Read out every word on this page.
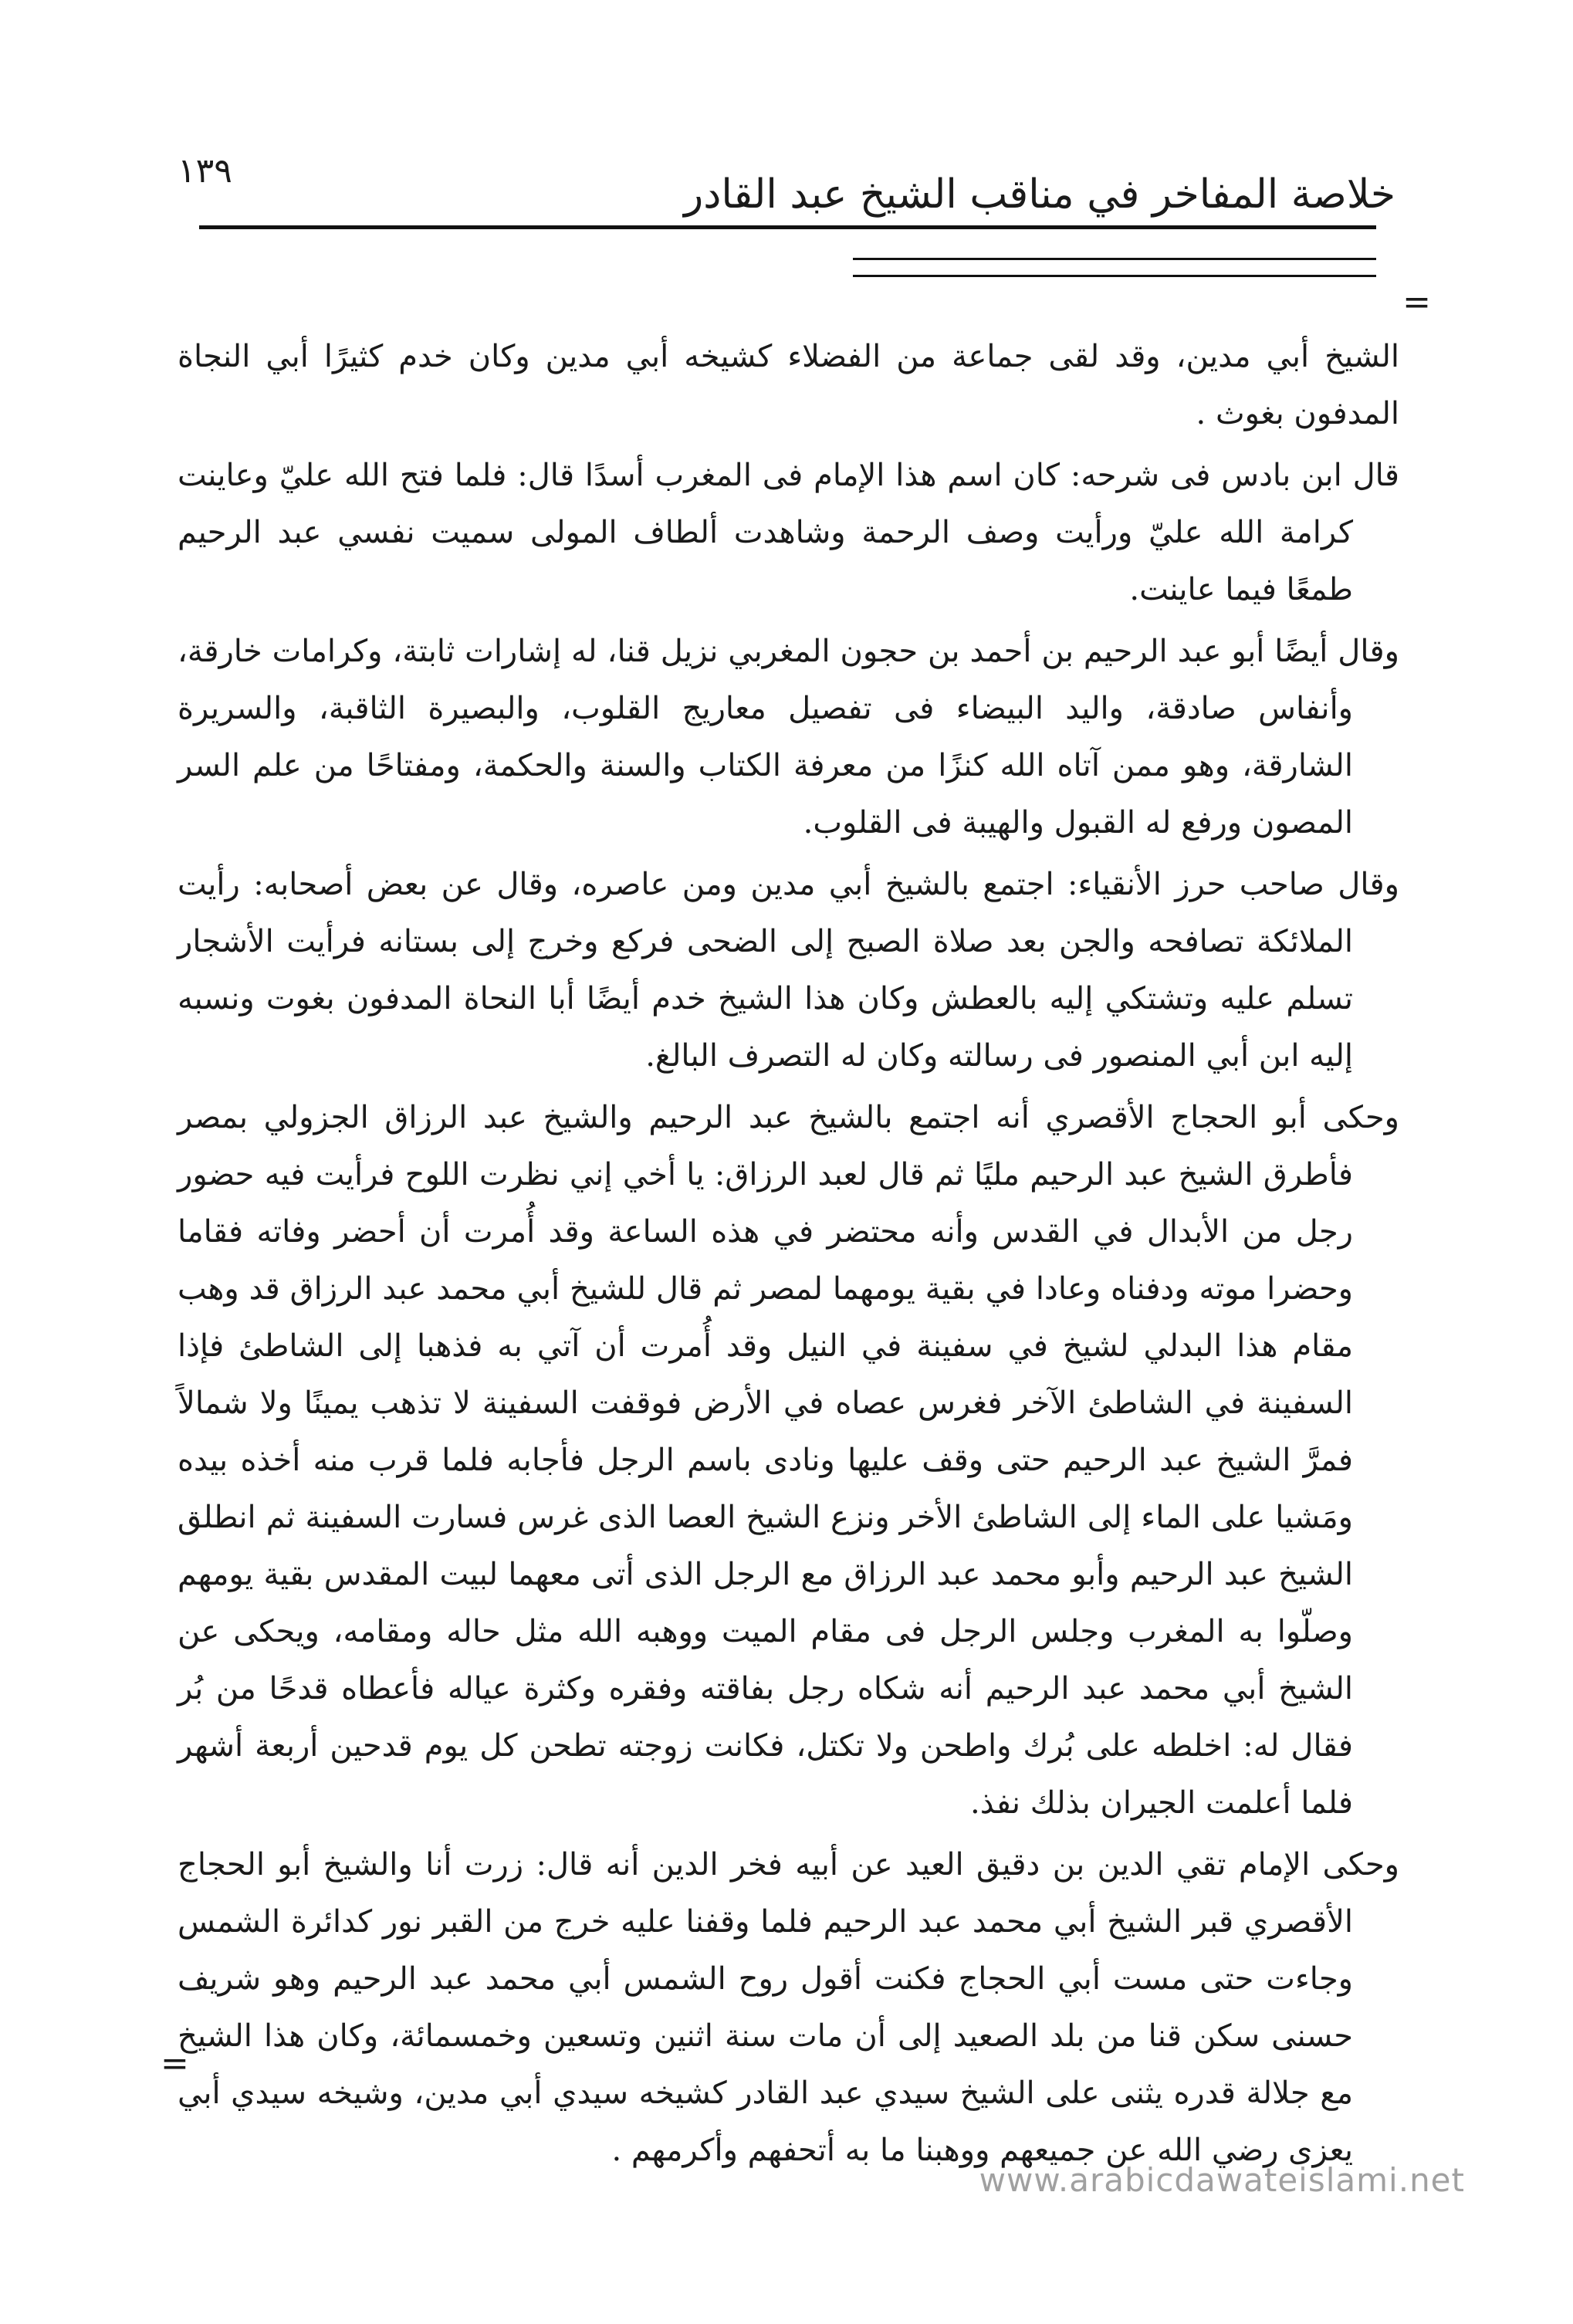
١٣٩
خلاصة المفاخر في مناقب الشيخ عبد القادر
=

الشيخ أبي مدين، وقد لقى جماعة من الفضلاء كشيخه أبي مدين وكان خدم كثيرًا أبي النجاة المدفون بغوث .

قال ابن بادس فى شرحه: كان اسم هذا الإمام فى المغرب أسدًا قال: فلما فتح الله عليّ وعاينت كرامة الله عليّ ورأيت وصف الرحمة وشاهدت ألطاف المولى سميت نفسي عبد الرحيم طمعًا فيما عاينت.

وقال أيضًا أبو عبد الرحيم بن أحمد بن حجون المغربي نزيل قنا، له إشارات ثابتة، وكرامات خارقة، وأنفاس صادقة، واليد البيضاء فى تفصيل معاريج القلوب، والبصيرة الثاقبة، والسريرة الشارقة، وهو ممن آتاه الله كنزًا من معرفة الكتاب والسنة والحكمة، ومفتاحًا من علم السر المصون ورفع له القبول والهيبة فى القلوب.

وقال صاحب حرز الأنقياء: اجتمع بالشيخ أبي مدين ومن عاصره، وقال عن بعض أصحابه: رأيت الملائكة تصافحه والجن بعد صلاة الصبح إلى الضحى فركع وخرج إلى بستانه فرأيت الأشجار تسلم عليه وتشتكي إليه بالعطش وكان هذا الشيخ خدم أيضًا أبا النحاة المدفون بغوت ونسبه إليه ابن أبي المنصور فى رسالته وكان له التصرف البالغ.

وحكى أبو الحجاج الأقصري أنه اجتمع بالشيخ عبد الرحيم والشيخ عبد الرزاق الجزولي بمصر فأطرق الشيخ عبد الرحيم مليًا ثم قال لعبد الرزاق: يا أخي إني نظرت اللوح فرأيت فيه حضور رجل من الأبدال في القدس وأنه محتضر في هذه الساعة وقد أُمرت أن أحضر وفاته فقاما وحضرا موته ودفناه وعادا في بقية يومهما لمصر ثم قال للشيخ أبي محمد عبد الرزاق قد وهب مقام هذا البدلي لشيخ في سفينة في النيل وقد أُمرت أن آتي به فذهبا إلى الشاطئ فإذا السفينة في الشاطئ الآخر فغرس عصاه في الأرض فوقفت السفينة لا تذهب يمينًا ولا شمالاً فمرَّ الشيخ عبد الرحيم حتى وقف عليها ونادى باسم الرجل فأجابه فلما قرب منه أخذه بيده ومَشيا على الماء إلى الشاطئ الأخر ونزع الشيخ العصا الذى غرس فسارت السفينة ثم انطلق الشيخ عبد الرحيم وأبو محمد عبد الرزاق مع الرجل الذى أتى معهما لبيت المقدس بقية يومهم وصلّوا به المغرب وجلس الرجل فى مقام الميت ووهبه الله مثل حاله ومقامه، ويحكى عن الشيخ أبي محمد عبد الرحيم أنه شكاه رجل بفاقته وفقره وكثرة عياله فأعطاه قدحًا من بُر فقال له: اخلطه على بُرك واطحن ولا تكتل، فكانت زوجته تطحن كل يوم قدحين أربعة أشهر فلما أعلمت الجيران بذلك نفذ.

وحكى الإمام تقي الدين بن دقيق العيد عن أبيه فخر الدين أنه قال: زرت أنا والشيخ أبو الحجاج الأقصري قبر الشيخ أبي محمد عبد الرحيم فلما وقفنا عليه خرج من القبر نور كدائرة الشمس وجاءت حتى مست أبي الحجاج فكنت أقول روح الشمس أبي محمد عبد الرحيم وهو شريف حسنى سكن قنا من بلد الصعيد إلى أن مات سنة اثنين وتسعين وخمسمائة، وكان هذا الشيخ مع جلالة قدره يثنى على الشيخ سيدي عبد القادر كشيخه سيدي أبي مدين، وشيخه سيدي أبي يعزى رضي الله عن جميعهم ووهبنا ما به أتحفهم وأكرمهم .

=
www.arabicdawateislami.net
